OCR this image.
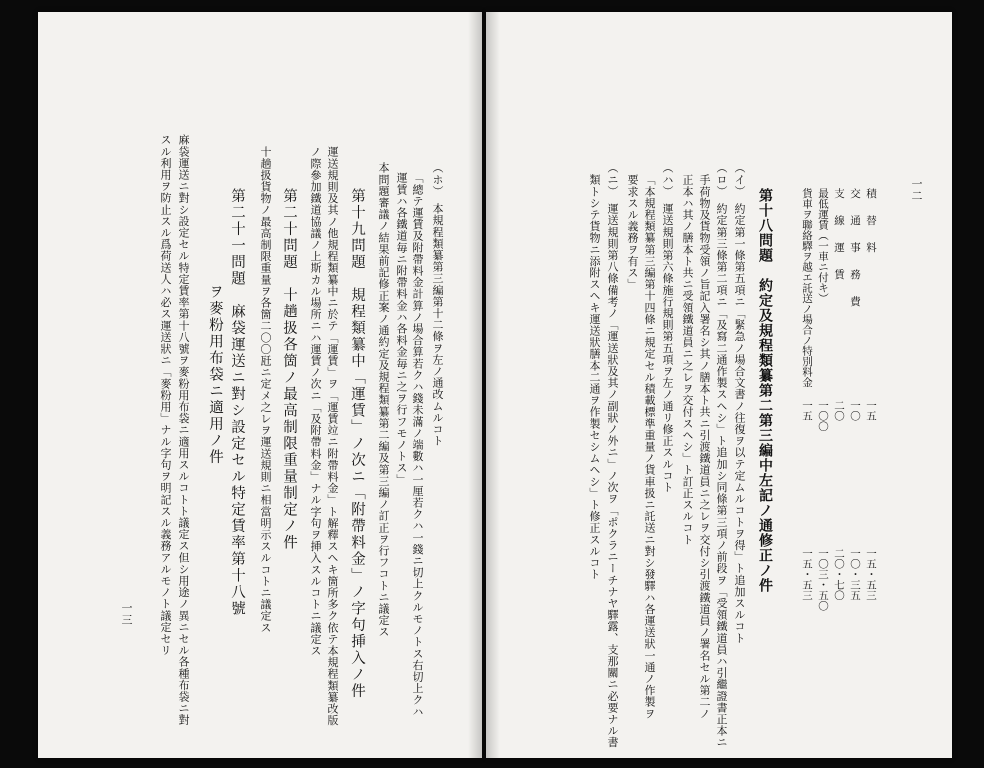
（ホ）　本規程類纂第三編第十二條ヲ左ノ通改ムルコト
「總テ運賃及附帶料金計算ノ場合算若クハ錢未滿ノ端數ハ一厘若クハ一錢ニ切上クルモノトス右切上クハ
運賃ハ各鐵道毎ニ附帶料金ハ各料金毎ニ之ヲ行フモノトス」
本問題審議ノ結果前記修正案ノ通約定及規程類纂第二編及第三編ノ訂正ヲ行フコトニ議定ス
第十九問題　規程類纂中「運賃」ノ次ニ「附帶料金」ノ字句挿入ノ件
運送規則及其ノ他規程類纂中ニ於テ「運賃」ヲ「運賃竝ニ附帶料金」ト解釋スヘキ箇所多ク依テ本規程類纂改版
ノ際參加鐵道協議ノ上斯カル場所ニハ運賃ノ次ニ「及附帶料金」ナル字句ヲ挿入スルコトニ議定ス
第二十問題　十趟扱各箇ノ最高制限重量制定ノ件
十趟扱貨物ノ最高制限重量ヲ各箇二〇〇瓩ニ定メ之レヲ運送規則ニ相當明示スルコトニ議定ス
第二十一問題　麻袋運送ニ對シ設定セル特定賃率第十八號
ヲ麥粉用布袋ニ適用ノ件
麻袋運送ニ對シ設定セル特定賃率第十八號ヲ麥粉用布袋ニ適用スルコトト議定ス但シ用途ノ異ニセル各種布袋ニ對
スル利用ヲ防止スル爲荷送人ハ必ス運送狀ニ「麥粉用」ナル字句ヲ明記スル義務アルモノト議定セリ
一三
一二
積　替　料
交　通　事　務　費
支　線　運　賃
最低運賃（一車ニ付キ）
貨車ヲ聯絡驛ヲ越エ託送ノ場合ノ特別料金
一五
一〇
二〇
一〇〇
一五
一五・五三
一〇・三五
二〇・七〇
一〇三・五〇
一五・五三
第十八問題　約定及規程類纂第二第三編中左記ノ通修正ノ件
（イ）　約定第一條第五項ニ「緊急ノ場合文書ノ往復ヲ以テ定ムルコトヲ得」ト追加スルコト
（ロ）　約定第三條第二項ニ「及寫二通作製スヘシ」ト追加シ同條第三項ノ前段ヲ「受領鐵道員ハ引繼證書正本ニ
手荷物及貨物受領ノ旨記入署名シ其ノ膳本ト共ニ引渡鐵道員ニ之レヲ交付シ引渡鐵道員ノ署名セル第二ノ
正本ハ其ノ膳本ト共ニ受領鐵道員ニ之レヲ交付スヘシ」ト訂正スルコト
（ハ）　運送規則第六條施行規則第五項ヲ左ノ通リ修正スルコト
「本規程類纂第三編第十四條ニ規定セル積載標準重量ノ貨車扱ニ託送ニ對シ發驛ハ各運送狀一通ノ作製ヲ
要求スル義務ヲ有ス」
（ニ）　運送規則第八條備考ノ「運送狀及其ノ副狀ノ外ニ」ノ次ヲ「ポクラニーチナヤ驛露、支那關ニ必要ナル書
類トシテ貨物ニ添附スヘキ運送狀膳本二通ヲ作製セシムヘシ」ト修正スルコト
